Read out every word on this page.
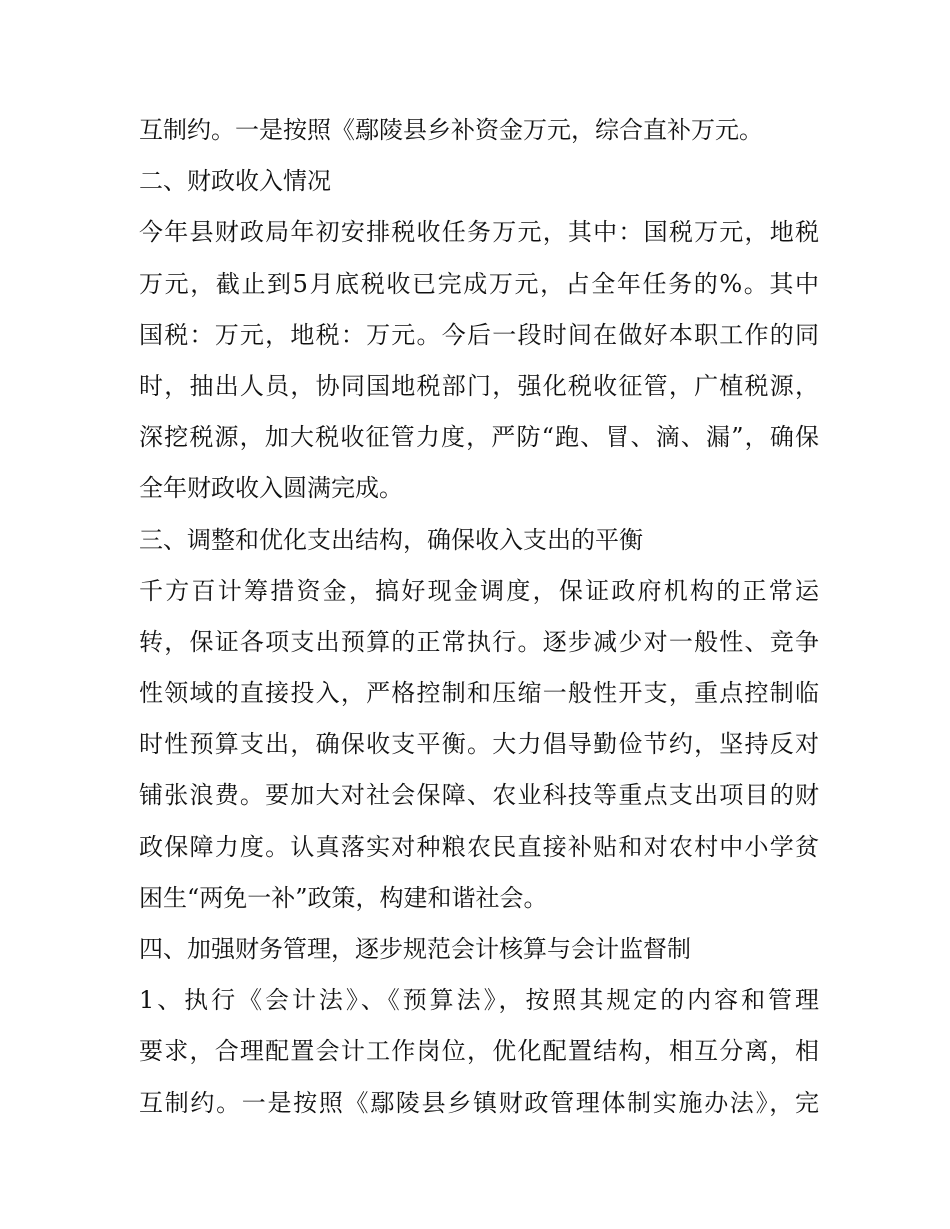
互制约。一是按照《鄢陵县乡补资金万元，综合直补万元。
二、财政收入情况
今年县财政局年初安排税收任务万元，其中：国税万元，地税
万元，截止到5月底税收已完成万元，占全年任务的%。其中
国税：万元，地税：万元。今后一段时间在做好本职工作的同
时，抽出人员，协同国地税部门，强化税收征管，广植税源，
深挖税源，加大税收征管力度，严防“跑、冒、滴、漏”，确保
全年财政收入圆满完成。
三、调整和优化支出结构，确保收入支出的平衡
千方百计筹措资金，搞好现金调度，保证政府机构的正常运
转，保证各项支出预算的正常执行。逐步减少对一般性、竞争
性领域的直接投入，严格控制和压缩一般性开支，重点控制临
时性预算支出，确保收支平衡。大力倡导勤俭节约，坚持反对
铺张浪费。要加大对社会保障、农业科技等重点支出项目的财
政保障力度。认真落实对种粮农民直接补贴和对农村中小学贫
困生“两免一补”政策，构建和谐社会。
四、加强财务管理，逐步规范会计核算与会计监督制
1、执行《会计法》、《预算法》，按照其规定的内容和管理
要求，合理配置会计工作岗位，优化配置结构，相互分离，相
互制约。一是按照《鄢陵县乡镇财政管理体制实施办法》，完
